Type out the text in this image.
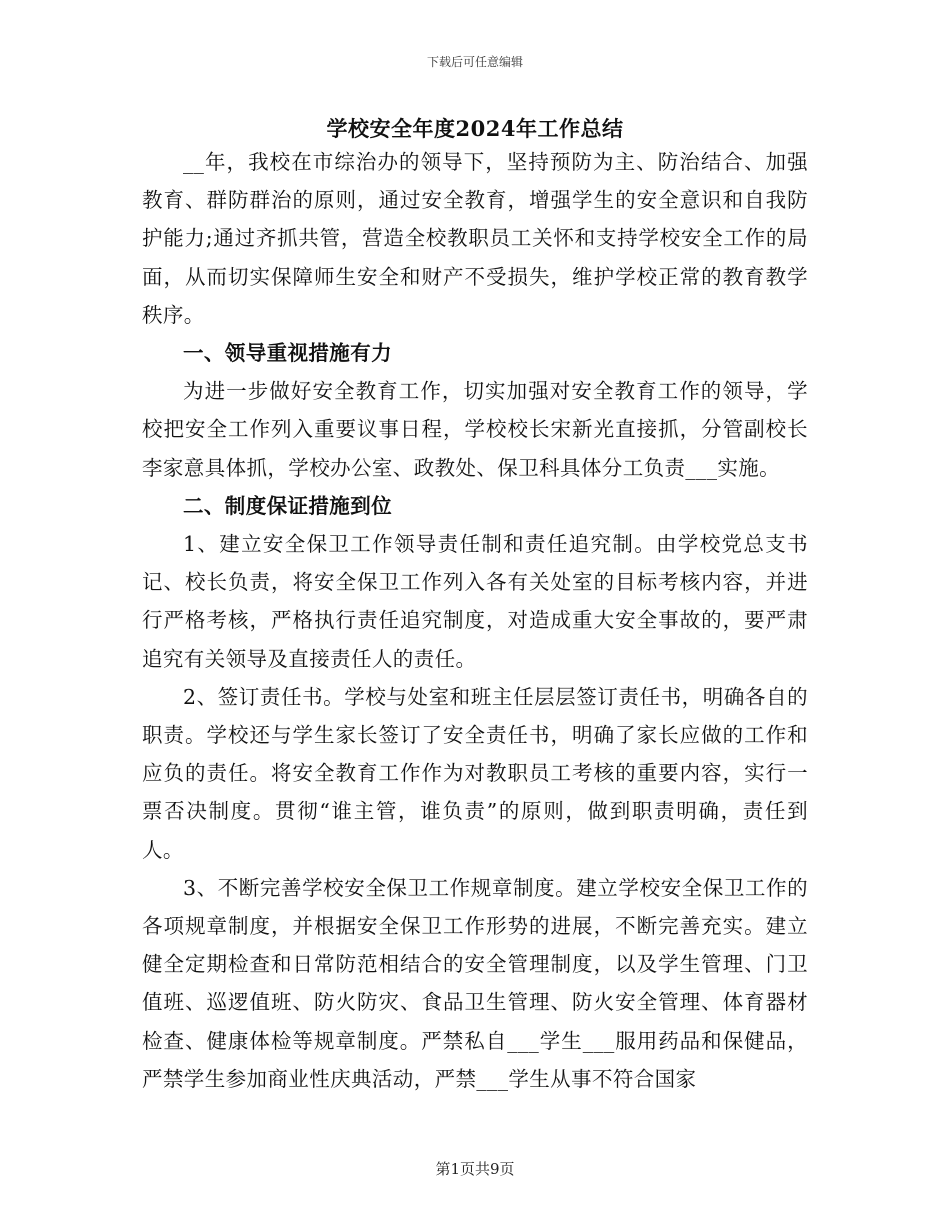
下载后可任意编辑
学校安全年度2024年工作总结

__年，我校在市综治办的领导下，坚持预防为主、防治结合、加强教育、群防群治的原则，通过安全教育，增强学生的安全意识和自我防护能力;通过齐抓共管，营造全校教职员工关怀和支持学校安全工作的局面，从而切实保障师生安全和财产不受损失，维护学校正常的教育教学秩序。

一、领导重视措施有力

为进一步做好安全教育工作，切实加强对安全教育工作的领导，学校把安全工作列入重要议事日程，学校校长宋新光直接抓，分管副校长李家意具体抓，学校办公室、政教处、保卫科具体分工负责___实施。

二、制度保证措施到位

1、建立安全保卫工作领导责任制和责任追究制。由学校党总支书记、校长负责，将安全保卫工作列入各有关处室的目标考核内容，并进行严格考核，严格执行责任追究制度，对造成重大安全事故的，要严肃追究有关领导及直接责任人的责任。

2、签订责任书。学校与处室和班主任层层签订责任书，明确各自的职责。学校还与学生家长签订了安全责任书，明确了家长应做的工作和应负的责任。将安全教育工作作为对教职员工考核的重要内容，实行一票否决制度。贯彻“谁主管，谁负责”的原则，做到职责明确，责任到人。

3、不断完善学校安全保卫工作规章制度。建立学校安全保卫工作的各项规章制度，并根据安全保卫工作形势的进展，不断完善充实。建立健全定期检查和日常防范相结合的安全管理制度，以及学生管理、门卫值班、巡逻值班、防火防灾、食品卫生管理、防火安全管理、体育器材检查、健康体检等规章制度。严禁私自___学生___服用药品和保健品，严禁学生参加商业性庆典活动，严禁___学生从事不符合国家

第1页共9页
